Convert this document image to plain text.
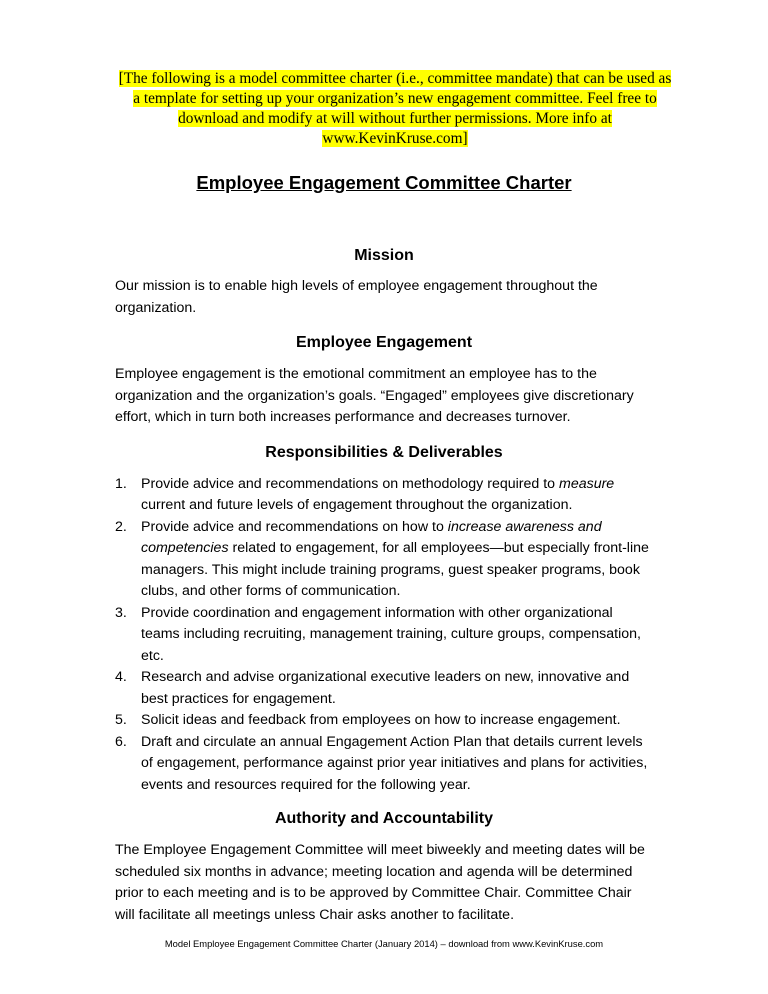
[The following is a model committee charter (i.e., committee mandate) that can be used as a template for setting up your organization’s new engagement committee. Feel free to download and modify at will without further permissions. More info at www.KevinKruse.com]

Employee Engagement Committee Charter
Mission

Our mission is to enable high levels of employee engagement throughout the organization.

Employee Engagement

Employee engagement is the emotional commitment an employee has to the organization and the organization’s goals. “Engaged” employees give discretionary effort, which in turn both increases performance and decreases turnover.

Responsibilities & Deliverables
1. Provide advice and recommendations on methodology required to measure current and future levels of engagement throughout the organization.
2. Provide advice and recommendations on how to increase awareness and competencies related to engagement, for all employees—but especially front-line managers. This might include training programs, guest speaker programs, book clubs, and other forms of communication.
3. Provide coordination and engagement information with other organizational teams including recruiting, management training, culture groups, compensation, etc.
4. Research and advise organizational executive leaders on new, innovative and best practices for engagement.
5. Solicit ideas and feedback from employees on how to increase engagement.
6. Draft and circulate an annual Engagement Action Plan that details current levels of engagement, performance against prior year initiatives and plans for activities, events and resources required for the following year.
Authority and Accountability

The Employee Engagement Committee will meet biweekly and meeting dates will be scheduled six months in advance; meeting location and agenda will be determined prior to each meeting and is to be approved by Committee Chair. Committee Chair will facilitate all meetings unless Chair asks another to facilitate.

Model Employee Engagement Committee Charter (January 2014) – download from www.KevinKruse.com
